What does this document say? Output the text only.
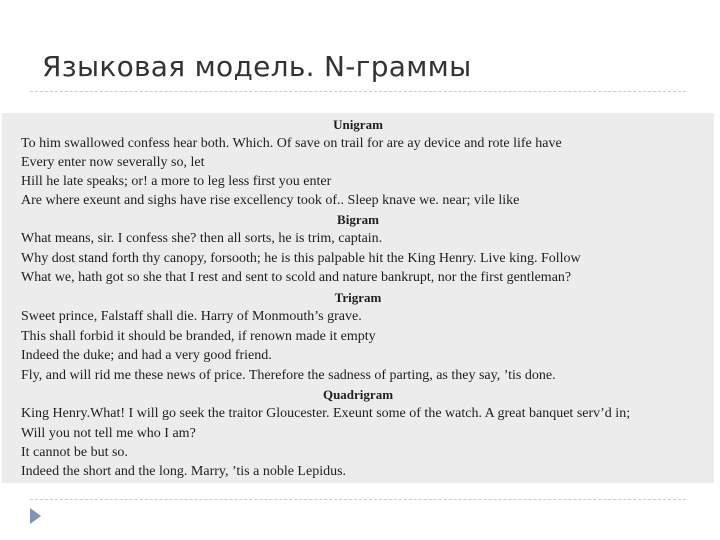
Языковая модель. N-граммы
Unigram
To him swallowed confess hear both. Which. Of save on trail for are ay device and rote life have
Every enter now severally so, let
Hill he late speaks; or! a more to leg less first you enter
Are where exeunt and sighs have rise excellency took of.. Sleep knave we. near; vile like
Bigram
What means, sir. I confess she? then all sorts, he is trim, captain.
Why dost stand forth thy canopy, forsooth; he is this palpable hit the King Henry. Live king. Follow
What we, hath got so she that I rest and sent to scold and nature bankrupt, nor the first gentleman?
Trigram
Sweet prince, Falstaff shall die. Harry of Monmouth’s grave.
This shall forbid it should be branded, if renown made it empty
Indeed the duke; and had a very good friend.
Fly, and will rid me these news of price. Therefore the sadness of parting, as they say, ’tis done.
Quadrigram
King Henry.What! I will go seek the traitor Gloucester. Exeunt some of the watch. A great banquet serv’d in;
Will you not tell me who I am?
It cannot be but so.
Indeed the short and the long. Marry, ’tis a noble Lepidus.
